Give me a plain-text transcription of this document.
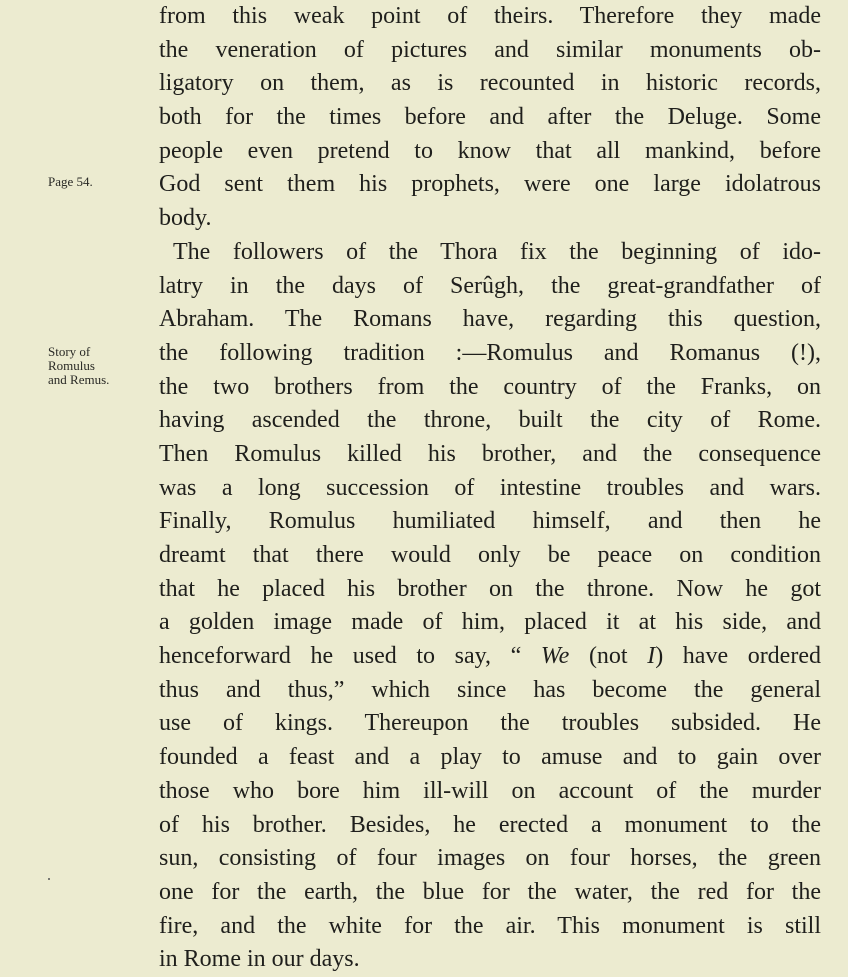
Page 54.
Story of
Romulus
and Remus.
from this weak point of theirs. Therefore they made
the veneration of pictures and similar monuments ob-
ligatory on them, as is recounted in historic records,
both for the times before and after the Deluge. Some
people even pretend to know that all mankind, before
God sent them his prophets, were one large idolatrous
body.
The followers of the Thora fix the beginning of ido-
latry in the days of Serûgh, the great-grandfather of
Abraham. The Romans have, regarding this question,
the following tradition :—Romulus and Romanus (!),
the two brothers from the country of the Franks, on
having ascended the throne, built the city of Rome.
Then Romulus killed his brother, and the consequence
was a long succession of intestine troubles and wars.
Finally, Romulus humiliated himself, and then he
dreamt that there would only be peace on condition
that he placed his brother on the throne. Now he got
a golden image made of him, placed it at his side, and
henceforward he used to say, “ We (not I) have ordered
thus and thus,” which since has become the general
use of kings. Thereupon the troubles subsided. He
founded a feast and a play to amuse and to gain over
those who bore him ill-will on account of the murder
of his brother. Besides, he erected a monument to the
sun, consisting of four images on four horses, the green
one for the earth, the blue for the water, the red for the
fire, and the white for the air. This monument is still
in Rome in our days.
